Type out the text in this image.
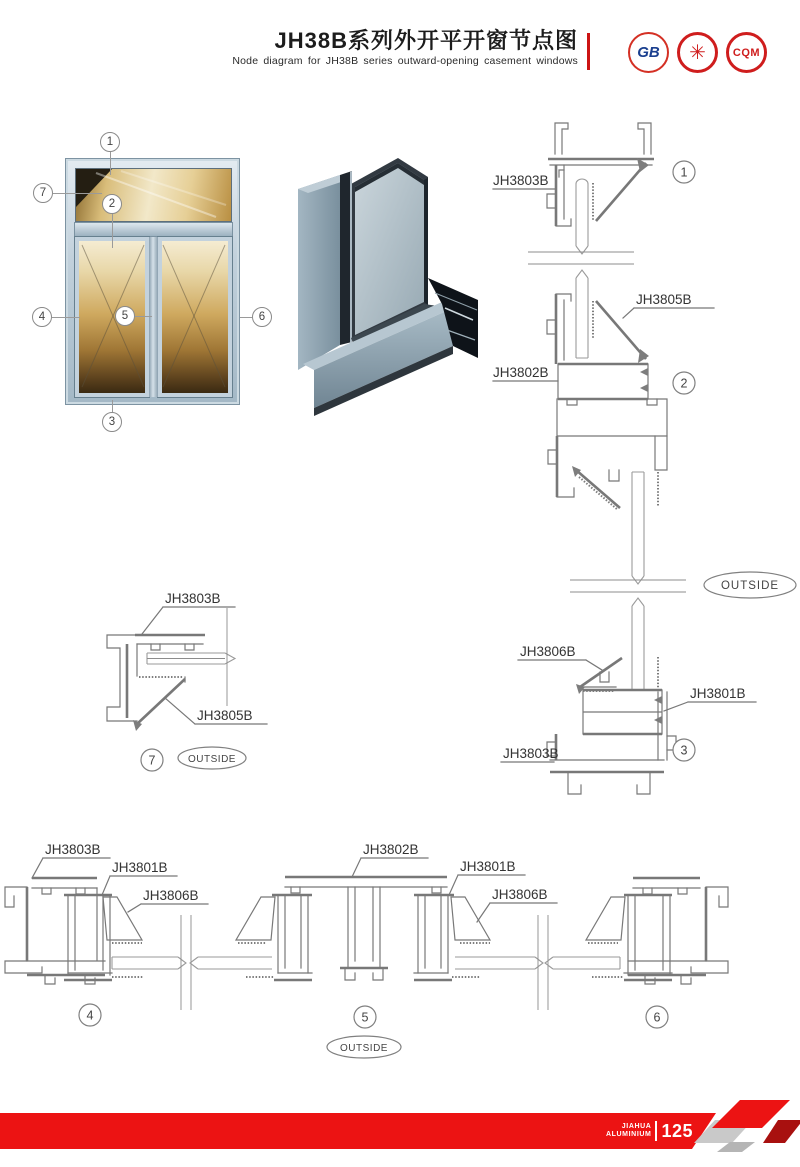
JH38B系列外开平开窗节点图
Node diagram for JH38B series outward-opening casement windows
GB ✳ CQM
1
7
2
4	5	6
3
JH3803B
1
JH3805B
JH3802B
2
OUTSIDE
JH3806B
JH3801B
JH3803B	3
JH3803B
JH3805B
7	OUTSIDE
JH3803B
JH3801B
JH3806B
4
JH3802B
JH3801B
JH3806B
5
OUTSIDE
6
JIAHUA
ALUMINIUM 125
